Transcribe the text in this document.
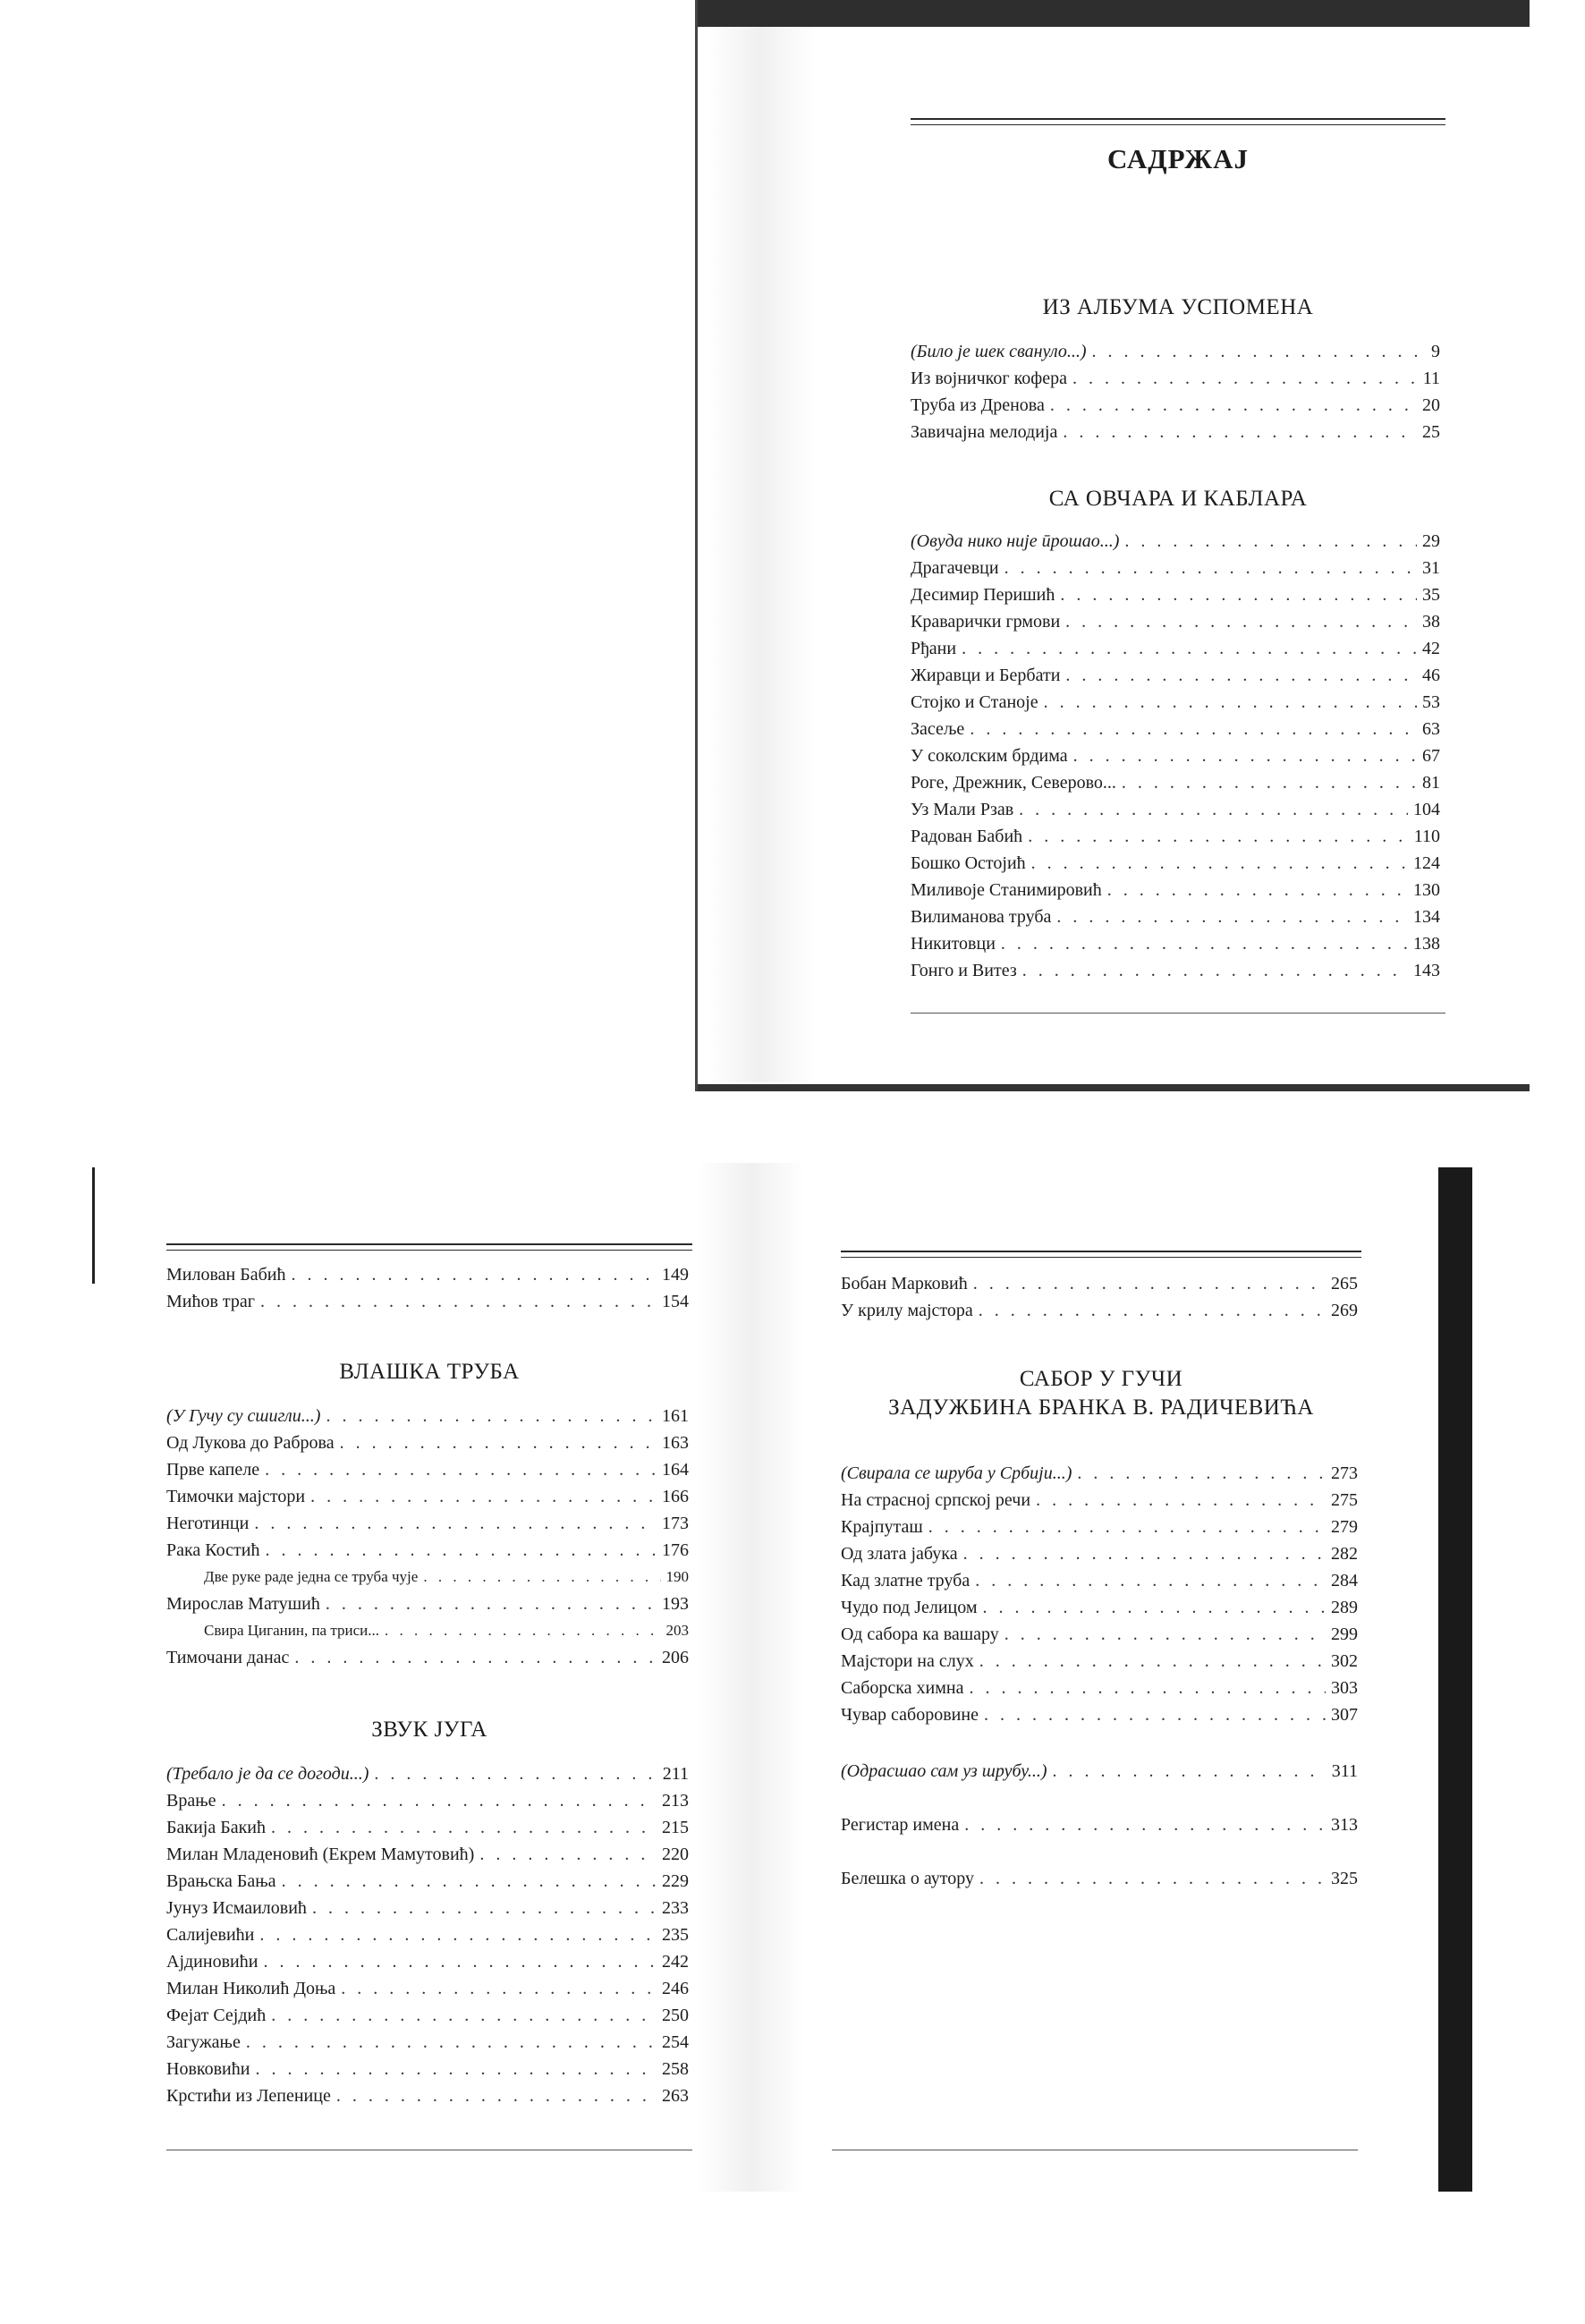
САДРЖАЈ
ИЗ АЛБУМА УСПОМЕНА
(Било је шек свануло...) . . .	9
Из војничког кофера . . .	11
Труба из Дренова . . .	20
Завичајна мелодија . . .	25
СА ОВЧАРА И КАБЛАРА
(Овуда нико није ūрошао...) . . .	29
Драгачевци . . .	31
Десимир Перишић . . .	35
Краварички грмови . . .	38
Рђани . . .	42
Жиравци и Бербати . . .	46
Стојко и Станоје . . .	53
Засеље . . .	63
У соколским брдима . . .	67
Роге, Дрежник, Северово... . . .	81
Уз Мали Рзав . . .	104
Радован Бабић . . .	110
Бошко Остојић . . .	124
Миливоје Станимировић . . .	130
Вилиманова труба . . .	134
Никитовци . . .	138
Гонго и Витез . . .	143
Милован Бабић . . .	149
Мићов траг . . .	154
ВЛАШКА ТРУБА
(У Гучу су сшигли...) . . .	161
Од Лукова до Раброва . . .	163
Прве капеле . . .	164
Тимочки мајстори . . .	166
Неготинци . . .	173
Рака Костић . . .	176
Две руке раде једна се труба чује . . .	190
Мирослав Матушић . . .	193
Свира Циганин, па триси... . . .	203
Тимочани данас . . .	206
ЗВУК ЈУГА
(Требало је да се догоди...) . . .	211
Врање . . .	213
Бакија Бакић . . .	215
Милан Младеновић (Екрем Мамутовић) . . .	220
Врањска Бања . . .	229
Јунуз Исмаиловић . . .	233
Салијевићи . . .	235
Ајдиновићи . . .	242
Милан Николић Доња . . .	246
Фејат Сејдић . . .	250
Загужање . . .	254
Новковићи . . .	258
Крстићи из Лепенице . . .	263
Бобан Марковић . . .	265
У крилу мајстора . . .	269
САБОР У ГУЧИ
ЗАДУЖБИНА БРАНКА В. РАДИЧЕВИЋА
(Свирала се шруба у Србији...) . . .	273
На страсној српској речи . . .	275
Крајпуташ . . .	279
Од злата јабука . . .	282
Кад златне труба . . .	284
Чудо под Јелицом . . .	289
Од сабора ка вашару . . .	299
Мајстори на слух . . .	302
Саборска химна . . .	303
Чувар сабoровине . . .	307
(Одрасшао сам уз шрубу...) . . .	311
Регистар имена . . .	313
Белешка о аутору . . .	325
